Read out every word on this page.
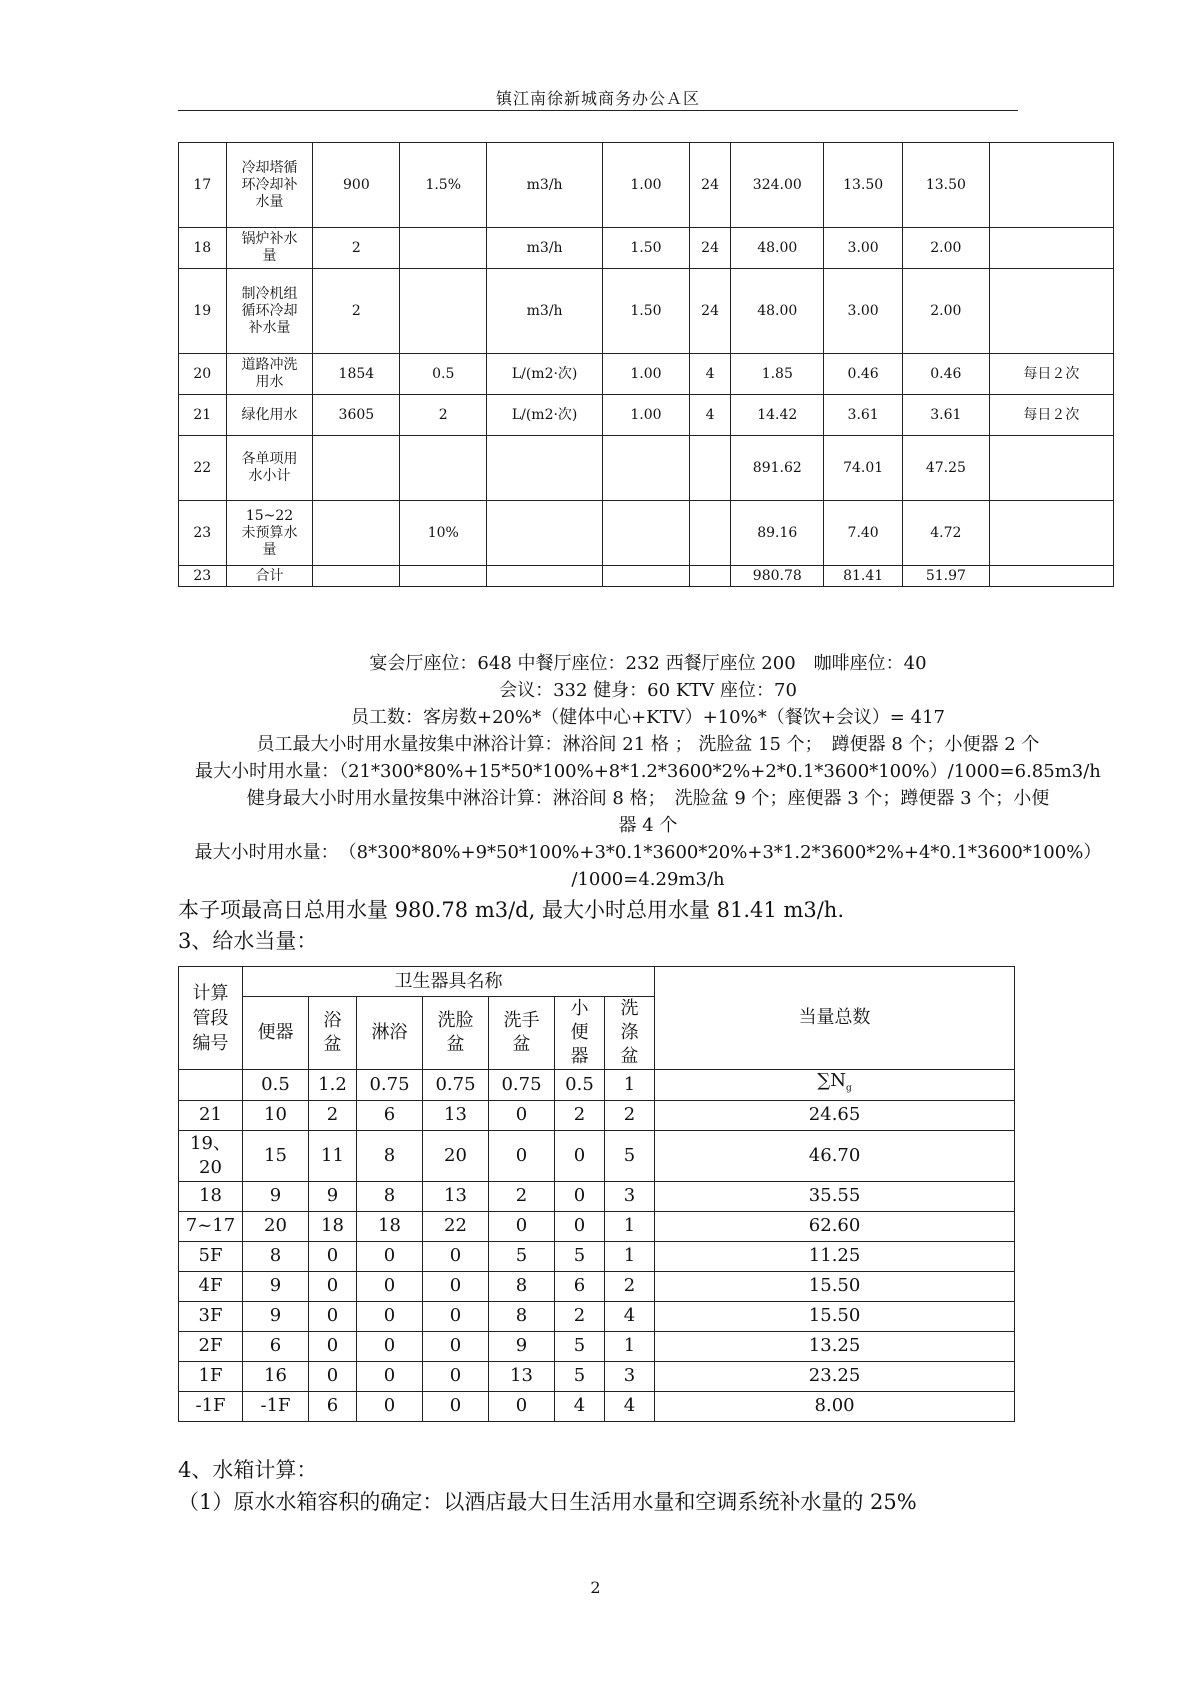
镇江南徐新城商务办公Ａ区
17	冷却塔循环冷却补水量	900	1.5%	m3/h	1.00	24	324.00	13.50	13.50	
18	锅炉补水量	2		m3/h	1.50	24	48.00	3.00	2.00	
19	制冷机组循环冷却补水量	2		m3/h	1.50	24	48.00	3.00	2.00	
20	道路冲洗用水	1854	0.5	L/(m2·次)	1.00	4	1.85	0.46	0.46	每日２次
21	绿化用水	3605	2	L/(m2·次)	1.00	4	14.42	3.61	3.61	每日２次
22	各单项用水小计						891.62	74.01	47.25	
23	15~22未预算水量		10%				89.16	7.40	4.72	
23	合计						980.78	81.41	51.97	
宴会厅座位：648 中餐厅座位：232 西餐厅座位 200　咖啡座位：40
会议：332 健身：60 KTV 座位：70
员工数：客房数+20%*（健体中心+KTV）+10%*（餐饮+会议）= 417
员工最大小时用水量按集中淋浴计算：淋浴间 21 格 ； 洗脸盆 15 个；　蹲便器 8 个；小便器 2 个
最大小时用水量：（21*300*80%+15*50*100%+8*1.2*3600*2%+2*0.1*3600*100%）/1000=6.85m3/h
健身最大小时用水量按集中淋浴计算：淋浴间 8 格；　洗脸盆 9 个；座便器 3 个；蹲便器 3 个；小便
器 4 个
最大小时用水量：　（8*300*80%+9*50*100%+3*0.1*3600*20%+3*1.2*3600*2%+4*0.1*3600*100%）
/1000=4.29m3/h
本子项最高日总用水量 980.78 m3/d, 最大小时总用水量 81.41 m3/h.
3、给水当量：
计算管段编号	卫生器具名称							当量总数
	便器	浴盆	淋浴	洗脸盆	洗手盆	小便器	洗涤盆	
	0.5	1.2	0.75	0.75	0.75	0.5	1	$\sum N_g$
21	10	2	6	13	0	2	2	24.65
19、20	15	11	8	20	0	0	5	46.70
18	9	9	8	13	2	0	3	35.55
7~17	20	18	18	22	0	0	1	62.60
5F	8	0	0	0	5	5	1	11.25
4F	9	0	0	0	8	6	2	15.50
3F	9	0	0	0	8	2	4	15.50
2F	6	0	0	0	9	5	1	13.25
1F	16	0	0	0	13	5	3	23.25
-1F	-1F	6	0	0	0	4	4	8.00
4、水箱计算：
（1）原水水箱容积的确定：以酒店最大日生活用水量和空调系统补水量的 25%
2
